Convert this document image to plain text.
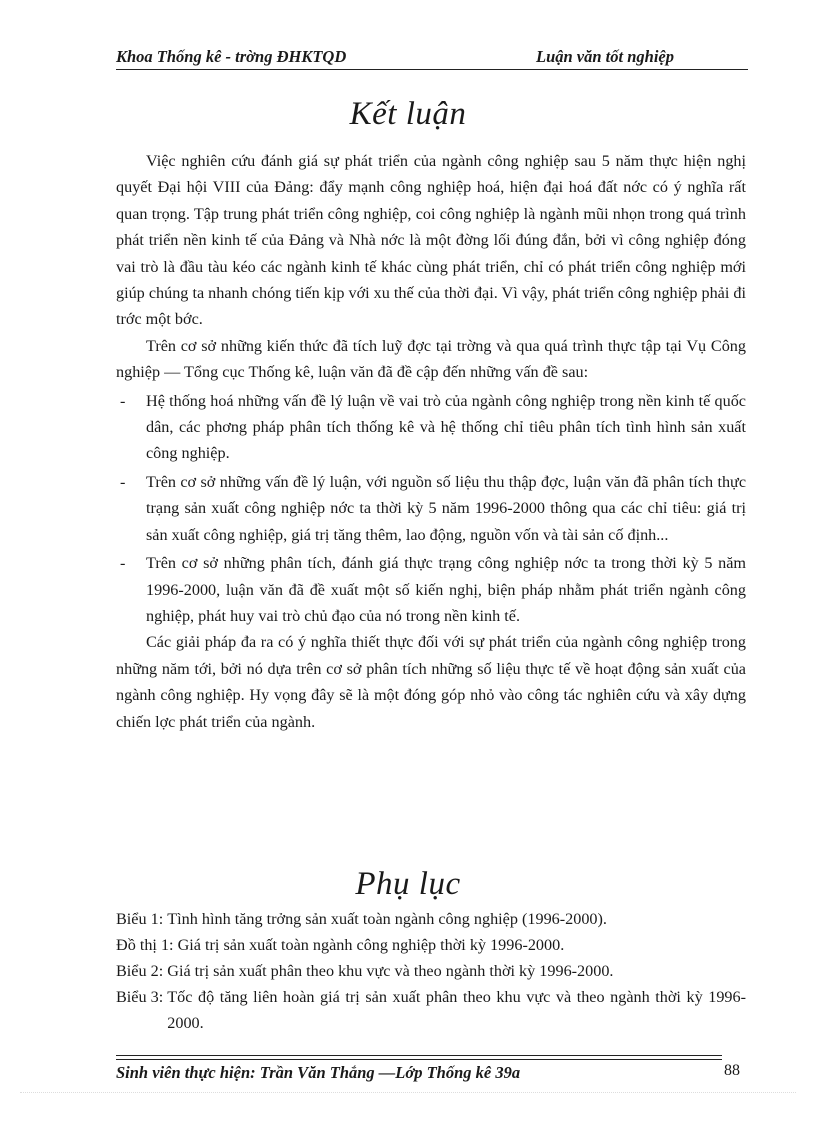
Khoa Thống kê - trờng ĐHKTQD	Luận văn tốt nghiệp
Kết luận

Việc nghiên cứu đánh giá sự phát triển của ngành công nghiệp sau 5 năm thực hiện nghị quyết Đại hội VIII của Đảng: đẩy mạnh công nghiệp hoá, hiện đại hoá đất nớc có ý nghĩa rất quan trọng. Tập trung phát triển công nghiệp, coi công nghiệp là ngành mũi nhọn trong quá trình phát triển nền kinh tế của Đảng và Nhà nớc là một đờng lối đúng đắn, bởi vì công nghiệp đóng vai trò là đầu tàu kéo các ngành kinh tế khác cùng phát triển, chỉ có phát triển công nghiệp mới giúp chúng ta nhanh chóng tiến kịp với xu thế của thời đại. Vì vậy, phát triển công nghiệp phải đi trớc một bớc.

Trên cơ sở những kiến thức đã tích luỹ đợc tại trờng và qua quá trình thực tập tại Vụ Công nghiệp — Tổng cục Thống kê, luận văn đã đề cập đến những vấn đề sau:

- Hệ thống hoá những vấn đề lý luận về vai trò của ngành công nghiệp trong nền kinh tế quốc dân, các phơng pháp phân tích thống kê và hệ thống chỉ tiêu phân tích tình hình sản xuất công nghiệp.
- Trên cơ sở những vấn đề lý luận, với nguồn số liệu thu thập đợc, luận văn đã phân tích thực trạng sản xuất công nghiệp nớc ta thời kỳ 5 năm 1996-2000 thông qua các chỉ tiêu: giá trị sản xuất công nghiệp, giá trị tăng thêm, lao động, nguồn vốn và tài sản cố định...
- Trên cơ sở những phân tích, đánh giá thực trạng công nghiệp nớc ta trong thời kỳ 5 năm 1996-2000, luận văn đã đề xuất một số kiến nghị, biện pháp nhằm phát triển ngành công nghiệp, phát huy vai trò chủ đạo của nó trong nền kinh tế.

Các giải pháp đa ra có ý nghĩa thiết thực đối với sự phát triển của ngành công nghiệp trong những năm tới, bởi nó dựa trên cơ sở phân tích những số liệu thực tế về hoạt động sản xuất của ngành công nghiệp. Hy vọng đây sẽ là một đóng góp nhỏ vào công tác nghiên cứu và xây dựng chiến lợc phát triển của ngành.

Phụ lục
Biểu 1: Tình hình tăng trởng sản xuất toàn ngành công nghiệp (1996-2000).
Đồ thị 1: Giá trị sản xuất toàn ngành công nghiệp thời kỳ 1996-2000.
Biểu 2: Giá trị sản xuất phân theo khu vực và theo ngành thời kỳ 1996-2000.
Biểu 3: Tốc độ tăng liên hoàn giá trị sản xuất phân theo khu vực và theo ngành thời kỳ 1996-2000.
Sinh viên thực hiện: Trần Văn Thắng —Lớp Thống kê 39a	88
